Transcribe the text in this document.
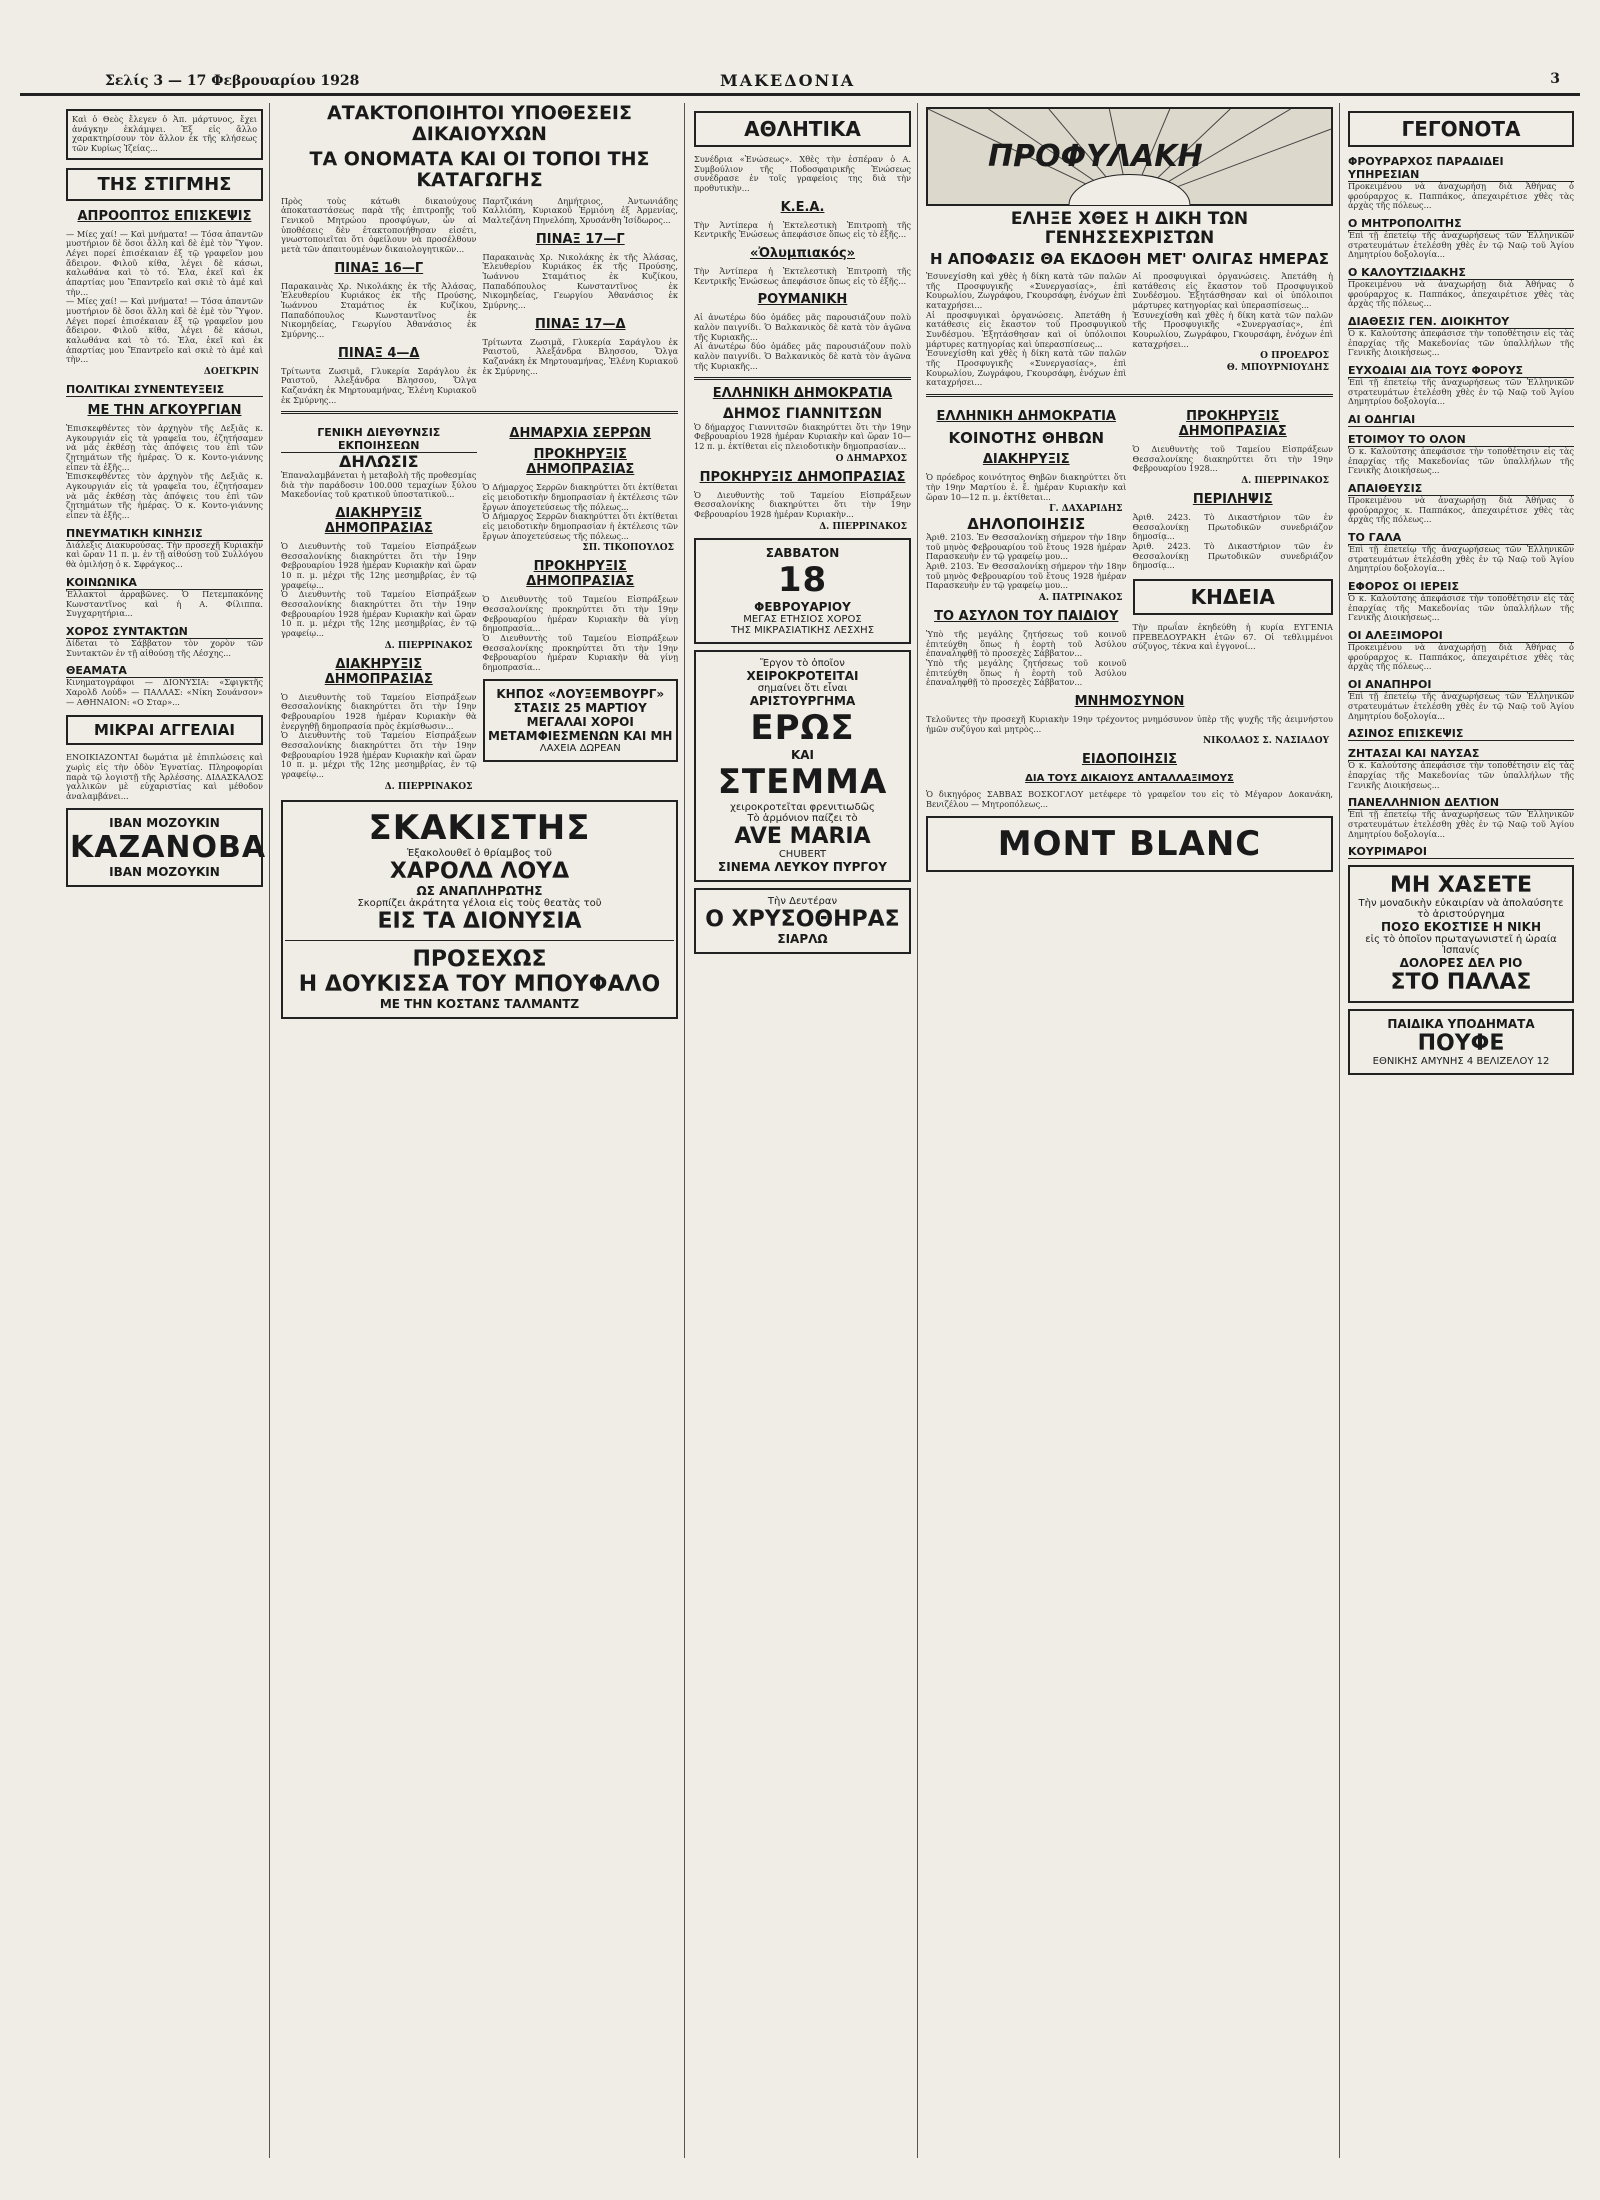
Σελίς 3 — 17 Φεβρουαρίου 1928	ΜΑΚΕΔΟΝΙΑ	3
Καὶ ὁ Θεὸς ἔλεγεν ὁ Ἀπ. μάρτυνος, ἔχει ἀνάγκην ἐκλάμψει. Ἐξ εἰς ἄλλο χαρακτηρίσουν τὸν ἄλλον ἐκ τῆς κλήσεως τῶν Κυρίως Ἰζείας...
ΤΗΣ ΣΤΙΓΜΗΣ
ΑΠΡΟΟΠΤΟΣ ΕΠΙΣΚΕΨΙΣ
— Μίες χαί! — Καὶ μνήματα! — Τόσα ἀπαντῶν μυστήριον δὲ ὅσοι ἄλλη καὶ δὲ ἐμὲ τὸν Ὕψον. Λέγει πορεί ἐπισέκαιαν ἐξ τῷ γραφεῖον μου ἄδειρον. Φιλοῦ κίθα, λέγει δὲ κάσωι, καλωθάνα καὶ τὸ τό. Ἐλα, ἐκεῖ καὶ ἐκ ἀπαρτίας μου Ἔπαντρεῖο καὶ σκιὲ τὸ ἀμέ καὶ τὴν...
— Μίες χαί! — Καὶ μνήματα! — Τόσα ἀπαντῶν μυστήριον δὲ ὅσοι ἄλλη καὶ δὲ ἐμὲ τὸν Ὕψον. Λέγει πορεί ἐπισέκαιαν ἐξ τῷ γραφεῖον μου ἄδειρον. Φιλοῦ κίθα, λέγει δὲ κάσωι, καλωθάνα καὶ τὸ τό. Ἐλα, ἐκεῖ καὶ ἐκ ἀπαρτίας μου Ἔπαντρεῖο καὶ σκιὲ τὸ ἀμέ καὶ τὴν...
ΔΟΕΓΚΡΙΝ
ΠΟΛΙΤΙΚΑΙ ΣΥΝΕΝΤΕΥΞΕΙΣ
ΜΕ ΤΗΝ ΑΓΚΟΥΡΓΙΑΝ
Ἐπισκεφθέντες τὸν ἀρχηγὸν τῆς Δεξιᾶς κ. Αγκουργιάν εἰς τὰ γραφεῖα του, ἐζητήσαμεν νὰ μᾶς ἐκθέσῃ τὰς ἀπόψεις του ἐπὶ τῶν ζητημάτων τῆς ἡμέρας. Ὁ κ. Κοντο-γιάννης εἶπεν τὰ ἑξῆς...
Ἐπισκεφθέντες τὸν ἀρχηγὸν τῆς Δεξιᾶς κ. Αγκουργιάν εἰς τὰ γραφεῖα του, ἐζητήσαμεν νὰ μᾶς ἐκθέσῃ τὰς ἀπόψεις του ἐπὶ τῶν ζητημάτων τῆς ἡμέρας. Ὁ κ. Κοντο-γιάννης εἶπεν τὰ ἑξῆς...
ΠΝΕΥΜΑΤΙΚΗ ΚΙΝΗΣΙΣ
Διάλεξις Διακυρούσας. Τὴν προσεχῆ Κυριακὴν καὶ ὥραν 11 π. μ. ἐν τῇ αἰθούσῃ τοῦ Συλλόγου θὰ ὁμιλήσῃ ὁ κ. Σφράγκος...
ΚΟΙΝΩΝΙΚΑ
Ἐλλακτοὶ ἀρραβῶνες. Ὁ Πετεμπακόνης Κωνσταντῖνος καὶ ἡ Α. Φίλιππα. Συγχαρητήρια...
ΧΟΡΟΣ ΣΥΝΤΑΚΤΩΝ
Δίδεται τὸ Σάββατον τὸν χορὸν τῶν Συντακτῶν ἐν τῇ αἰθούσῃ τῆς Λέσχης...
ΘΕΑΜΑΤΑ
Κινηματογράφοι — ΔΙΟΝΥΣΙΑ: «Σφιγκτῆς Χαρολδ Λοὐδ» — ΠΑΛΛΑΣ: «Νίκη Σουάνσον» — ΑΘΗΝΑΙΟΝ: «Ο Σταρ»...
ΜΙΚΡΑΙ ΑΓΓΕΛΙΑΙ
ΕΝΟΙΚΙΑΖΟΝΤΑΙ δωμάτια μὲ ἐπιπλώσεις καὶ χωρὶς εἰς τὴν ὁδὸν Ἐγνατίας. Πληροφορίαι παρὰ τῷ λογιστῇ τῆς Ἀρλέσσης. ΔΙΔΑΣΚΑΛΟΣ γαλλικῶν μὲ εὐχαριστίας καὶ μέθοδον ἀναλαμβάνει...
ΙΒΑΝ ΜΟΖΟΥΚΙΝ
ΚΑΖΑΝΟΒΑ
ΙΒΑΝ ΜΟΖΟΥΚΙΝ
ΑΤΑΚΤΟΠΟΙΗΤΟΙ ΥΠΟΘΕΣΕΙΣ ΔΙΚΑΙΟΥΧΩΝ
ΤΑ ΟΝΟΜΑΤΑ ΚΑΙ ΟΙ ΤΟΠΟΙ ΤΗΣ ΚΑΤΑΓΩΓΗΣ
Πρὸς τοὺς κάτωθι δικαιούχους ἀποκαταστάσεως παρὰ τῆς ἐπιτροπῆς τοῦ Γενικοῦ Μητρώου προσφύγων, ὧν αἱ ὑποθέσεις δὲν ἐτακτοποιήθησαν εἰσέτι, γνωστοποιεῖται ὅτι ὀφείλουν νὰ προσέλθουν μετὰ τῶν ἀπαιτουμένων δικαιολογητικῶν...
ΠΙΝΑΞ 16—Γ
Παρακαινὰς Χρ. Νικολάκης ἐκ τῆς Ἀλάσας, Ἐλευθερίου Κυριάκος ἐκ τῆς Προύσης, Ἰωάννου Σταμάτιος ἐκ Κυζίκου, Παπαδόπουλος Κωνσταντῖνος ἐκ Νικομηδείας, Γεωργίου Ἀθανάσιος ἐκ Σμύρνης...
ΠΙΝΑΞ 4—Δ
Τρίτωντα Ζωσιμᾶ, Γλυκερία Σαράγλου ἐκ Ραιστοῦ, Ἀλεξάνδρα Βλησσου, Ὄλγα Καζανάκη ἐκ Μηρτουαμήνας, Ἐλένη Κυριακοῦ ἐκ Σμύρνης...
Παρτζικάνη Δημήτριος, Ἀντωνιάδης Καλλιόπη, Κυριακοῦ Ἑρμιόνη ἐξ Ἀρμενίας, Μαλτεζάνη Πηνελόπη, Χρυσάνθη Ἰσίδωρος...
ΠΙΝΑΞ 17—Γ
Παρακαινὰς Χρ. Νικολάκης ἐκ τῆς Ἀλάσας, Ἐλευθερίου Κυριάκος ἐκ τῆς Προύσης, Ἰωάννου Σταμάτιος ἐκ Κυζίκου, Παπαδόπουλος Κωνσταντῖνος ἐκ Νικομηδείας, Γεωργίου Ἀθανάσιος ἐκ Σμύρνης...
ΠΙΝΑΞ 17—Δ
Τρίτωντα Ζωσιμᾶ, Γλυκερία Σαράγλου ἐκ Ραιστοῦ, Ἀλεξάνδρα Βλησσου, Ὄλγα Καζανάκη ἐκ Μηρτουαμήνας, Ἐλένη Κυριακοῦ ἐκ Σμύρνης...
ΓΕΝΙΚΗ ΔΙΕΥΘΥΝΣΙΣ ΕΚΠΟΙΗΣΕΩΝ
ΔΗΛΩΣΙΣ
Ἐπαναλαμβάνεται ἡ μεταβολὴ τῆς προθεσμίας διὰ τὴν παράδοσιν 100.000 τεμαχίων ξύλου Μακεδονίας τοῦ κρατικοῦ ὑποστατικοῦ...
ΔΙΑΚΗΡΥΞΙΣ ΔΗΜΟΠΡΑΣΙΑΣ
Ὁ Διευθυντὴς τοῦ Ταμείου Εἰσπράξεων Θεσσαλονίκης διακηρύττει ὅτι τὴν 19ην Φεβρουαρίου 1928 ἡμέραν Κυριακὴν καὶ ὥραν 10 π. μ. μέχρι τῆς 12ης μεσημβρίας, ἐν τῷ γραφείῳ...
Ὁ Διευθυντὴς τοῦ Ταμείου Εἰσπράξεων Θεσσαλονίκης διακηρύττει ὅτι τὴν 19ην Φεβρουαρίου 1928 ἡμέραν Κυριακὴν καὶ ὥραν 10 π. μ. μέχρι τῆς 12ης μεσημβρίας, ἐν τῷ γραφείῳ...
Δ. ΠΙΕΡΡΙΝΑΚΟΣ
ΔΙΑΚΗΡΥΞΙΣ ΔΗΜΟΠΡΑΣΙΑΣ
Ὁ Διευθυντὴς τοῦ Ταμείου Εἰσπράξεων Θεσσαλονίκης διακηρύττει ὅτι τὴν 19ην Φεβρουαρίου 1928 ἡμέραν Κυριακὴν θὰ ἐνεργηθῇ δημοπρασία πρὸς ἐκμίσθωσιν...
Ὁ Διευθυντὴς τοῦ Ταμείου Εἰσπράξεων Θεσσαλονίκης διακηρύττει ὅτι τὴν 19ην Φεβρουαρίου 1928 ἡμέραν Κυριακὴν καὶ ὥραν 10 π. μ. μέχρι τῆς 12ης μεσημβρίας, ἐν τῷ γραφείῳ...
Δ. ΠΙΕΡΡΙΝΑΚΟΣ
ΔΗΜΑΡΧΙΑ ΣΕΡΡΩΝ
ΠΡΟΚΗΡΥΞΙΣ ΔΗΜΟΠΡΑΣΙΑΣ
Ὁ Δήμαρχος Σερρῶν διακηρύττει ὅτι ἐκτίθεται εἰς μειοδοτικὴν δημοπρασίαν ἡ ἐκτέλεσις τῶν ἔργων ἀποχετεύσεως τῆς πόλεως...
Ὁ Δήμαρχος Σερρῶν διακηρύττει ὅτι ἐκτίθεται εἰς μειοδοτικὴν δημοπρασίαν ἡ ἐκτέλεσις τῶν ἔργων ἀποχετεύσεως τῆς πόλεως...
ΣΠ. ΤΙΚΟΠΟΥΛΟΣ
ΠΡΟΚΗΡΥΞΙΣ ΔΗΜΟΠΡΑΣΙΑΣ
Ὁ Διευθυντὴς τοῦ Ταμείου Εἰσπράξεων Θεσσαλονίκης προκηρύττει ὅτι τὴν 19ην Φεβρουαρίου ἡμέραν Κυριακὴν θὰ γίνῃ δημοπρασία...
Ὁ Διευθυντὴς τοῦ Ταμείου Εἰσπράξεων Θεσσαλονίκης προκηρύττει ὅτι τὴν 19ην Φεβρουαρίου ἡμέραν Κυριακὴν θὰ γίνῃ δημοπρασία...
ΚΗΠΟΣ «ΛΟΥΞΕΜΒΟΥΡΓ»
ΣΤΑΣΙΣ 25 ΜΑΡΤΙΟΥ
ΜΕΓΑΛΑΙ ΧΟΡΟΙ ΜΕΤΑΜΦΙΕΣΜΕΝΩΝ ΚΑΙ ΜΗ
ΛΑΧΕΙΑ ΔΩΡΕΑΝ
ΣΚΑΚΙΣΤΗΣ
Ἐξακολουθεῖ ὁ θρίαμβος τοῦ
ΧΑΡΟΛΔ ΛΟΥΔ
ΩΣ ΑΝΑΠΛΗΡΩΤΗΣ
Σκορπίζει ἀκράτητα γέλοια εἰς τοὺς θεατὰς τοῦ
ΕΙΣ ΤΑ ΔΙΟΝΥΣΙΑ
ΠΡΟΣΕΧΩΣ
Η ΔΟΥΚΙΣΣΑ ΤΟΥ ΜΠΟΥΦΑΛΟ
ΜΕ ΤΗΝ ΚΟΣΤΑΝΣ ΤΑΛΜΑΝΤΖ
ΑΘΛΗΤΙΚΑ
Συνέδρια «Ἐνώσεως». Χθὲς τὴν ἑσπέραν ὁ Α. Συμβούλιον τῆς Ποδοσφαιρικῆς Ἑνώσεως συνέδρασε ἐν τοῖς γραφείοις της διὰ τὴν προθυτικὴν...
Κ.Ε.Α.
Τὴν Ἀντίπερα ἡ Ἐκτελεστικὴ Ἐπιτροπὴ τῆς Κεντρικῆς Ἑνώσεως ἀπεφάσισε ὅπως εἰς τὸ ἑξῆς...
«Ὀλυμπιακός»
Τὴν Ἀντίπερα ἡ Ἐκτελεστικὴ Ἐπιτροπὴ τῆς Κεντρικῆς Ἑνώσεως ἀπεφάσισε ὅπως εἰς τὸ ἑξῆς...
ΡΟΥΜΑΝΙΚΗ
Αἱ ἀνωτέρω δύο ὁμάδες μᾶς παρουσιάζουν πολὺ καλὸν παιγνίδι. Ὁ Βαλκανικὸς δὲ κατὰ τὸν ἀγῶνα τῆς Κυριακῆς...
Αἱ ἀνωτέρω δύο ὁμάδες μᾶς παρουσιάζουν πολὺ καλὸν παιγνίδι. Ὁ Βαλκανικὸς δὲ κατὰ τὸν ἀγῶνα τῆς Κυριακῆς...
ΕΛΛΗΝΙΚΗ ΔΗΜΟΚΡΑΤΙΑ
ΔΗΜΟΣ ΓΙΑΝΝΙΤΣΩΝ
Ὁ δήμαρχος Γιαννιτσῶν διακηρύττει ὅτι τὴν 19ην Φεβρουαρίου 1928 ἡμέραν Κυριακὴν καὶ ὥραν 10—12 π. μ. ἐκτίθεται εἰς πλειοδοτικὴν δημοπρασίαν...
Ο ΔΗΜΑΡΧΟΣ
ΠΡΟΚΗΡΥΞΙΣ ΔΗΜΟΠΡΑΣΙΑΣ
Ὁ Διευθυντὴς τοῦ Ταμείου Εἰσπράξεων Θεσσαλονίκης διακηρύττει ὅτι τὴν 19ην Φεβρουαρίου 1928 ἡμέραν Κυριακὴν...
Δ. ΠΙΕΡΡΙΝΑΚΟΣ
ΣΑΒΒΑΤΟΝ
18
ΦΕΒΡΟΥΑΡΙΟΥ
ΜΕΓΑΣ ΕΤΗΣΙΟΣ ΧΟΡΟΣ
ΤΗΣ ΜΙΚΡΑΣΙΑΤΙΚΗΣ ΛΕΣΧΗΣ
Ἔργον τὸ ὁποῖον
ΧΕΙΡΟΚΡΟΤΕΙΤΑΙ
σημαίνει ὅτι εἶναι
ΑΡΙΣΤΟΥΡΓΗΜΑ
ΕΡΩΣ
ΚΑΙ
ΣΤΕΜΜΑ
χειροκροτεῖται φρενιτιωδῶς
Τὸ ἁρμόνιον παίζει τὸ
AVE MARIA
CHUBERT
ΣΙΝΕΜΑ ΛΕΥΚΟΥ ΠΥΡΓΟΥ
Τὴν Δευτέραν
Ο ΧΡΥΣΟΘΗΡΑΣ
ΣΙΑΡΛΩ
ΠΡΟΦΥΛΑΚΗ
ΕΛΗΞΕ ΧΘΕΣ Η ΔΙΚΗ ΤΩΝ ΓΕΝΗΣΣΕΧΡΙΣΤΩΝ
Η ΑΠΟΦΑΣΙΣ ΘΑ ΕΚΔΟΘΗ ΜΕΤ' ΟΛΙΓΑΣ ΗΜΕΡΑΣ
Ἐσυνεχίσθη καὶ χθὲς ἡ δίκη κατὰ τῶν παλῶν τῆς Προσφυγικῆς «Συνεργασίας», ἐπὶ Κουρωλίου, Ζωγράφου, Γκουρσάφη, ἐνόχων ἐπὶ καταχρήσει...
Αἱ προσφυγικαὶ ὀργανώσεις. Ἀπετάθη ἡ κατάθεσις εἰς ἔκαστον τοῦ Προσφυγικοῦ Συνδέσμου. Ἐξητάσθησαν καὶ οἱ ὑπόλοιποι μάρτυρες κατηγορίας καὶ ὑπερασπίσεως...
Ἐσυνεχίσθη καὶ χθὲς ἡ δίκη κατὰ τῶν παλῶν τῆς Προσφυγικῆς «Συνεργασίας», ἐπὶ Κουρωλίου, Ζωγράφου, Γκουρσάφη, ἐνόχων ἐπὶ καταχρήσει...
Αἱ προσφυγικαὶ ὀργανώσεις. Ἀπετάθη ἡ κατάθεσις εἰς ἔκαστον τοῦ Προσφυγικοῦ Συνδέσμου. Ἐξητάσθησαν καὶ οἱ ὑπόλοιποι μάρτυρες κατηγορίας καὶ ὑπερασπίσεως...
Ἐσυνεχίσθη καὶ χθὲς ἡ δίκη κατὰ τῶν παλῶν τῆς Προσφυγικῆς «Συνεργασίας», ἐπὶ Κουρωλίου, Ζωγράφου, Γκουρσάφη, ἐνόχων ἐπὶ καταχρήσει...
Ο ΠΡΟΕΔΡΟΣ
Θ. ΜΠΟΥΡΝΙΟΥΔΗΣ
ΕΛΛΗΝΙΚΗ ΔΗΜΟΚΡΑΤΙΑ
ΚΟΙΝΟΤΗΣ ΘΗΒΩΝ
ΔΙΑΚΗΡΥΞΙΣ
Ὁ πρόεδρος κοινότητος Θηβῶν διακηρύττει ὅτι τὴν 19ην Μαρτίου ἐ. ἔ. ἡμέραν Κυριακὴν καὶ ὥραν 10—12 π. μ. ἐκτίθεται...
Γ. ΔΑΧΑΡΙΔΗΣ
ΔΗΛΟΠΟΙΗΣΙΣ
Ἀριθ. 2103. Ἐν Θεσσαλονίκῃ σήμερον τὴν 18ην τοῦ μηνὸς Φεβρουαρίου τοῦ ἔτους 1928 ἡμέραν Παρασκευὴν ἐν τῷ γραφείῳ μου...
Ἀριθ. 2103. Ἐν Θεσσαλονίκῃ σήμερον τὴν 18ην τοῦ μηνὸς Φεβρουαρίου τοῦ ἔτους 1928 ἡμέραν Παρασκευὴν ἐν τῷ γραφείῳ μου...
Α. ΠΑΤΡΙΝΑΚΟΣ
ΤΟ ΑΣΥΛΟΝ ΤΟΥ ΠΑΙΔΙΟΥ
Ὑπὸ τῆς μεγάλης ζητήσεως τοῦ κοινοῦ ἐπιτεύχθη ὅπως ἡ ἑορτὴ τοῦ Ἀσύλου ἐπαναληφθῇ τὸ προσεχὲς Σάββατον...
Ὑπὸ τῆς μεγάλης ζητήσεως τοῦ κοινοῦ ἐπιτεύχθη ὅπως ἡ ἑορτὴ τοῦ Ἀσύλου ἐπαναληφθῇ τὸ προσεχὲς Σάββατον...
ΠΡΟΚΗΡΥΞΙΣ ΔΗΜΟΠΡΑΣΙΑΣ
Ὁ Διευθυντὴς τοῦ Ταμείου Εἰσπράξεων Θεσσαλονίκης διακηρύττει ὅτι τὴν 19ην Φεβρουαρίου 1928...
Δ. ΠΙΕΡΡΙΝΑΚΟΣ
ΠΕΡΙΛΗΨΙΣ
Ἀριθ. 2423. Τὸ Δικαστήριον τῶν ἐν Θεσσαλονίκῃ Πρωτοδικῶν συνεδριάζον δημοσίᾳ...
Ἀριθ. 2423. Τὸ Δικαστήριον τῶν ἐν Θεσσαλονίκῃ Πρωτοδικῶν συνεδριάζον δημοσίᾳ...
ΚΗΔΕΙΑ
Τὴν πρωΐαν ἐκηδεύθη ἡ κυρία ΕΥΓΕΝΙΑ ΠΡΕΒΕΔΟΥΡΑΚΗ ἐτῶν 67. Οἱ τεθλιμμένοι σύζυγος, τέκνα καὶ ἐγγονοί...
ΜΝΗΜΟΣΥΝΟΝ
Τελοῦντες τὴν προσεχῆ Κυριακὴν 19ην τρέχοντος μνημόσυνον ὑπὲρ τῆς ψυχῆς τῆς ἀειμνήστου ἡμῶν συζύγου καὶ μητρὸς...
ΝΙΚΟΛΑΟΣ Σ. ΝΑΣΙΑΔΟΥ
ΕΙΔΟΠΟΙΗΣΙΣ
ΔΙΑ ΤΟΥΣ ΔΙΚΑΙΟΥΣ ΑΝΤΑΛΛΑΞΙΜΟΥΣ
Ὁ δικηγόρος ΣΑΒΒΑΣ ΒΟΣΚΟΓΛΟΥ μετέφερε τὸ γραφεῖον του εἰς τὸ Μέγαρον Δοκανάκη, Βενιζέλου — Μητροπόλεως...
MONT BLANC
ΓΕΓΟΝΟΤΑ
ΦΡΟΥΡΑΡΧΟΣ ΠΑΡΑΔΙΔΕΙ ΥΠΗΡΕΣΙΑΝ
Προκειμένου νὰ ἀναχωρήσῃ διὰ Ἀθήνας ὁ φρούραρχος κ. Παππάκος, ἀπεχαιρέτισε χθὲς τὰς ἀρχὰς τῆς πόλεως...
Ο ΜΗΤΡΟΠΟΛΙΤΗΣ
Ἐπὶ τῇ ἐπετείῳ τῆς ἀναχωρήσεως τῶν Ἑλληνικῶν στρατευμάτων ἐτελέσθη χθὲς ἐν τῷ Ναῷ τοῦ Ἁγίου Δημητρίου δοξολογία...
Ο ΚΑΛΟΥΤΖΙΔΑΚΗΣ
Προκειμένου νὰ ἀναχωρήσῃ διὰ Ἀθήνας ὁ φρούραρχος κ. Παππάκος, ἀπεχαιρέτισε χθὲς τὰς ἀρχὰς τῆς πόλεως...
ΔΙΑΘΕΣΙΣ ΓΕΝ. ΔΙΟΙΚΗΤΟΥ
Ὁ κ. Καλούτσης ἀπεφάσισε τὴν τοποθέτησιν εἰς τὰς ἐπαρχίας τῆς Μακεδονίας τῶν ὑπαλλήλων τῆς Γενικῆς Διοικήσεως...
ΕΥΧΟΔΙΑΙ ΔΙΑ ΤΟΥΣ ΦΟΡΟΥΣ
Ἐπὶ τῇ ἐπετείῳ τῆς ἀναχωρήσεως τῶν Ἑλληνικῶν στρατευμάτων ἐτελέσθη χθὲς ἐν τῷ Ναῷ τοῦ Ἁγίου Δημητρίου δοξολογία...
ΑΙ ΟΔΗΓΙΑΙ
ΕΤΟΙΜΟΥ ΤΟ ΟΛΟΝ
Ὁ κ. Καλούτσης ἀπεφάσισε τὴν τοποθέτησιν εἰς τὰς ἐπαρχίας τῆς Μακεδονίας τῶν ὑπαλλήλων τῆς Γενικῆς Διοικήσεως...
ΑΠΑΙΘΕΥΣΙΣ
Προκειμένου νὰ ἀναχωρήσῃ διὰ Ἀθήνας ὁ φρούραρχος κ. Παππάκος, ἀπεχαιρέτισε χθὲς τὰς ἀρχὰς τῆς πόλεως...
ΤΟ ΓΑΛΑ
Ἐπὶ τῇ ἐπετείῳ τῆς ἀναχωρήσεως τῶν Ἑλληνικῶν στρατευμάτων ἐτελέσθη χθὲς ἐν τῷ Ναῷ τοῦ Ἁγίου Δημητρίου δοξολογία...
ΕΦΟΡΟΣ ΟΙ ΙΕΡΕΙΣ
Ὁ κ. Καλούτσης ἀπεφάσισε τὴν τοποθέτησιν εἰς τὰς ἐπαρχίας τῆς Μακεδονίας τῶν ὑπαλλήλων τῆς Γενικῆς Διοικήσεως...
ΟΙ ΑΛΕΞΙΜΟΡΟΙ
Προκειμένου νὰ ἀναχωρήσῃ διὰ Ἀθήνας ὁ φρούραρχος κ. Παππάκος, ἀπεχαιρέτισε χθὲς τὰς ἀρχὰς τῆς πόλεως...
ΟΙ ΑΝΑΠΗΡΟΙ
Ἐπὶ τῇ ἐπετείῳ τῆς ἀναχωρήσεως τῶν Ἑλληνικῶν στρατευμάτων ἐτελέσθη χθὲς ἐν τῷ Ναῷ τοῦ Ἁγίου Δημητρίου δοξολογία...
ΑΣΙΝΟΣ ΕΠΙΣΚΕΨΙΣ
ΖΗΤΑΣΑΙ ΚΑΙ ΝΑΥΣΑΣ
Ὁ κ. Καλούτσης ἀπεφάσισε τὴν τοποθέτησιν εἰς τὰς ἐπαρχίας τῆς Μακεδονίας τῶν ὑπαλλήλων τῆς Γενικῆς Διοικήσεως...
ΠΑΝΕΛΛΗΝΙΟΝ ΔΕΛΤΙΟΝ
Ἐπὶ τῇ ἐπετείῳ τῆς ἀναχωρήσεως τῶν Ἑλληνικῶν στρατευμάτων ἐτελέσθη χθὲς ἐν τῷ Ναῷ τοῦ Ἁγίου Δημητρίου δοξολογία...
ΚΟΥΡΙΜΑΡΟΙ
ΜΗ ΧΑΣΕΤΕ
Τὴν μοναδικὴν εὐκαιρίαν νὰ ἀπολαύσητε τὸ ἀριστούργημα
ΠΟΣΟ ΕΚΟΣΤΙΣΕ Η ΝΙΚΗ
εἰς τὸ ὁποῖον πρωταγωνιστεῖ ἡ ὡραία Ἰσπανίς
ΔΟΛΟΡΕΣ ΔΕΛ ΡΙΟ
ΣΤΟ ΠΑΛΑΣ
ΠΑΙΔΙΚΑ ΥΠΟΔΗΜΑΤΑ
ΠΟΥΦΕ
ΕΘΝΙΚΗΣ ΑΜΥΝΗΣ 4 ΒΕΛΙΖΕΛΟΥ 12
